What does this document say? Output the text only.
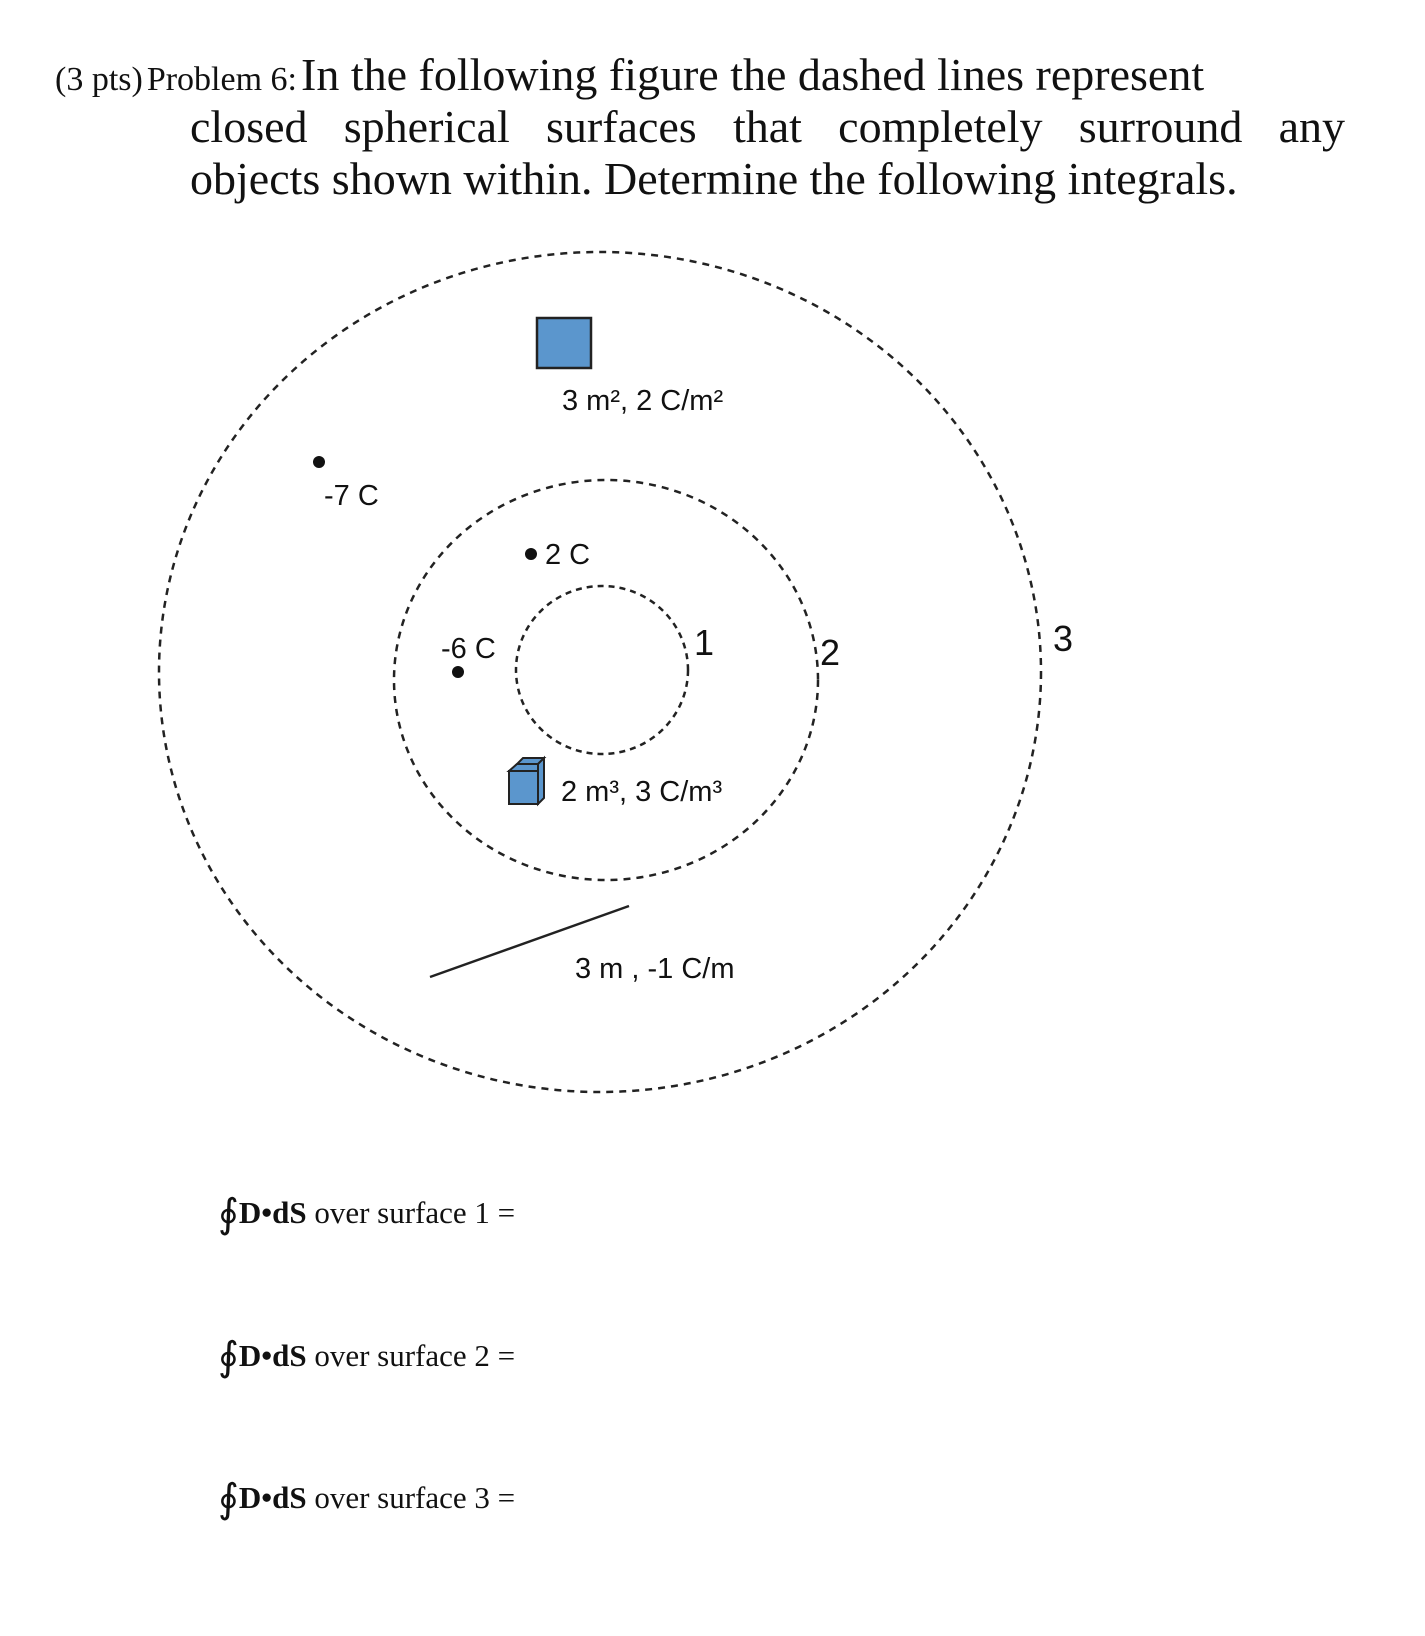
(3 pts) Problem 6: In the following figure the dashed lines represent
closed spherical surfaces that completely surround any
objects shown within. Determine the following integrals.
1	2	3
3 m², 2 C/m²
-7 C
2 C
-6 C
2 m³, 3 C/m³
3 m , -1 C/m
∮D•dS over surface 1 =
∮D•dS over surface 2 =
∮D•dS over surface 3 =
